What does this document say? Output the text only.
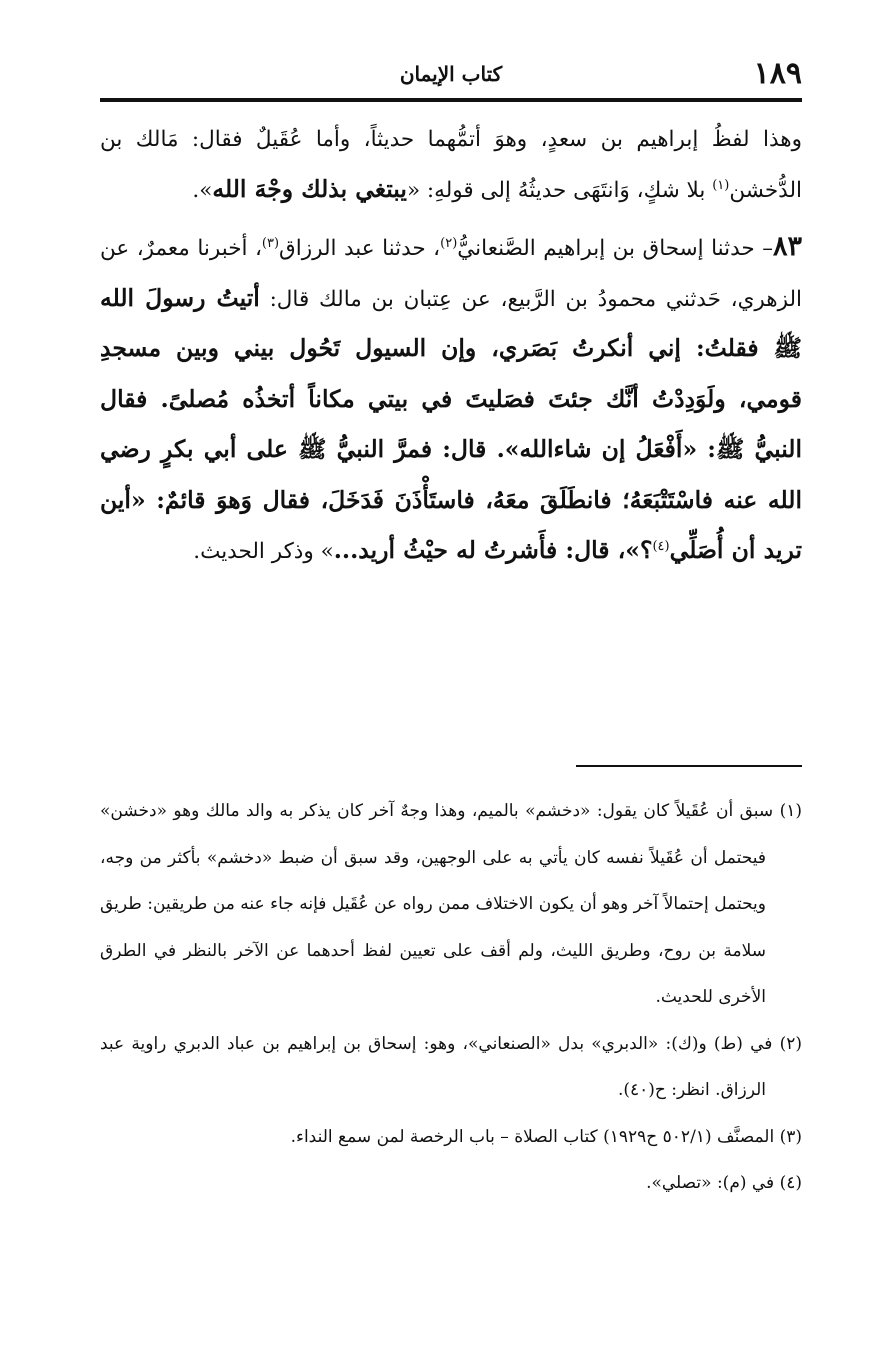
١٨٩
كتاب الإيمان

وهذا لفظُ إبراهيم بن سعدٍ، وهوَ أتمُّهما حديثاً، وأما عُقَيلٌ فقال: مَالك بن الدُّخشن$^{(١)}$ بلا شكٍ، وَانتَهَى حديثُهُ إلى قولهِ: «يبتغي بذلك وجْهَ الله».

٨٣– حدثنا إسحاق بن إبراهيم الصَّنعانيُّ$^{(٢)}$، حدثنا عبد الرزاق$^{(٣)}$، أخبرنا معمرٌ، عن الزهري، حَدثني محمودُ بن الرَّبيع، عن عِتبان بن مالك قال: أتيتُ رسولَ الله ﷺ فقلتُ: إني أنكرتُ بَصَري، وإن السيول تَحُول بيني وبين مسجدِ قومي، ولَوَدِدْتُ أنَّك جئتَ فصَليتَ في بيتي مكاناً أتخذُه مُصلىً. فقال النبيُّ ﷺ: «أَفْعَلُ إن شاءالله». قال: فمرَّ النبيُّ ﷺ على أبي بكرٍ رضي الله عنه فاسْتَتْبَعَهُ؛ فانطَلَقَ معَهُ، فاستَأْذَنَ فَدَخَلَ، فقال وَهوَ قائمٌ: «أين تريد أن أُصَلِّي$^{(٤)}$؟»، قال: فأَشرتُ له حيْثُ أريد...» وذكر الحديث.

(١) سبق أن عُقَيلاً كان يقول: «دخشم» بالميم، وهذا وجهٌ آخر كان يذكر به والد مالك وهو «دخشن» فيحتمل أن عُقَيلاً نفسه كان يأتي به على الوجهين، وقد سبق أن ضبط «دخشم» بأكثر من وجه، ويحتمل إحتمالاً آخر وهو أن يكون الاختلاف ممن رواه عن عُقَيل فإنه جاء عنه من طريقين: طريق سلامة بن روح، وطريق الليث، ولم أقف على تعيين لفظ أحدهما عن الآخر بالنظر في الطرق الأخرى للحديث.

(٢) في (ط) و(ك): «الدبري» بدل «الصنعاني»، وهو: إسحاق بن إبراهيم بن عباد الدبري راوية عبد الرزاق. انظر: ح(٤٠).

(٣) المصنَّف (٥٠٢/١ ح١٩٢٩) كتاب الصلاة – باب الرخصة لمن سمع النداء.

(٤) في (م): «تصلي».
